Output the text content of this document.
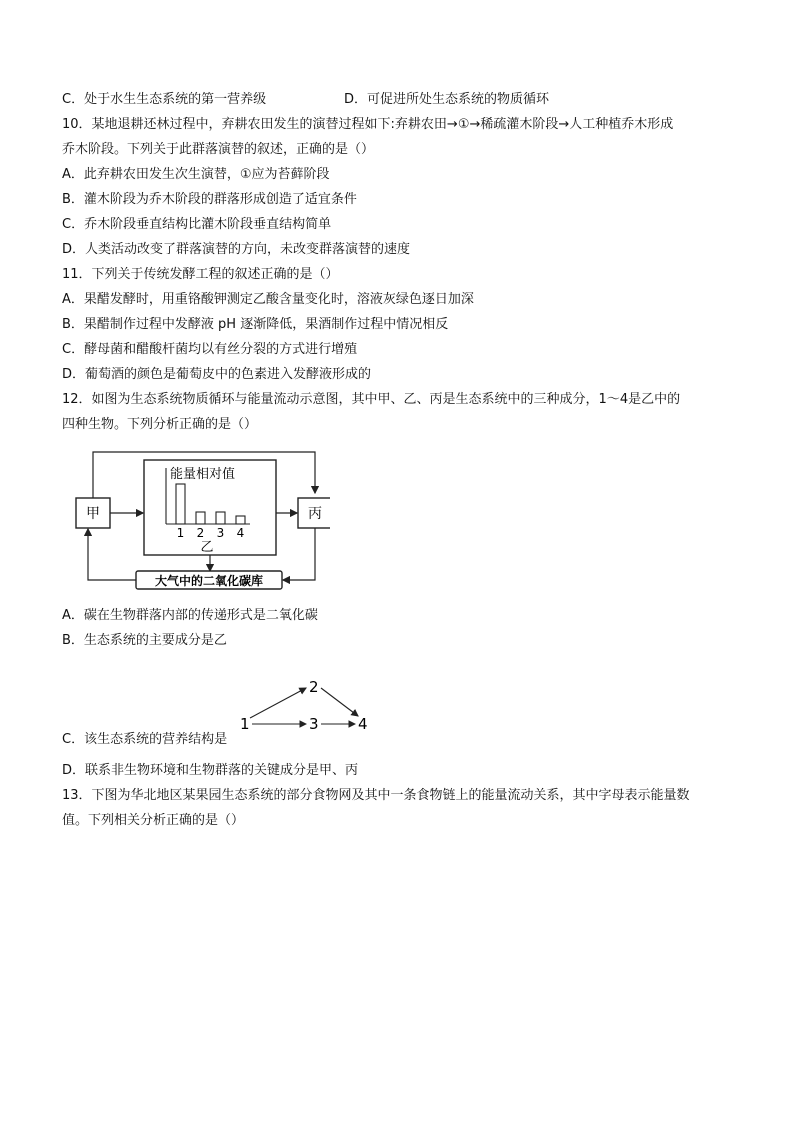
C．处于水生生态系统的第一营养级	D．可促进所处生态系统的物质循环
10．某地退耕还林过程中，弃耕农田发生的演替过程如下:弃耕农田→①→稀疏灌木阶段→人工种植乔木形成
乔木阶段。下列关于此群落演替的叙述，正确的是（）
A．此弃耕农田发生次生演替，①应为苔藓阶段
B．灌木阶段为乔木阶段的群落形成创造了适宜条件
C．乔木阶段垂直结构比灌木阶段垂直结构简单
D．人类活动改变了群落演替的方向，未改变群落演替的速度
11．下列关于传统发酵工程的叙述正确的是（）
A．果醋发酵时，用重铬酸钾测定乙酸含量变化时，溶液灰绿色逐日加深
B．果醋制作过程中发酵液 pH 逐渐降低，果酒制作过程中情况相反
C．酵母菌和醋酸杆菌均以有丝分裂的方式进行增殖
D．葡萄酒的颜色是葡萄皮中的色素进入发酵液形成的
12．如图为生态系统物质循环与能量流动示意图，其中甲、乙、丙是生态系统中的三种成分，1～4是乙中的
四种生物。下列分析正确的是（）
甲	丙
能量相对值
1 2 3 4
乙
大气中的二氧化碳库
A．碳在生物群落内部的传递形式是二氧化碳
B．生态系统的主要成分是乙
C．该生态系统的营养结构是
1
2
3	4
D．联系非生物环境和生物群落的关键成分是甲、丙
13．下图为华北地区某果园生态系统的部分食物网及其中一条食物链上的能量流动关系，其中字母表示能量数
值。下列相关分析正确的是（）
